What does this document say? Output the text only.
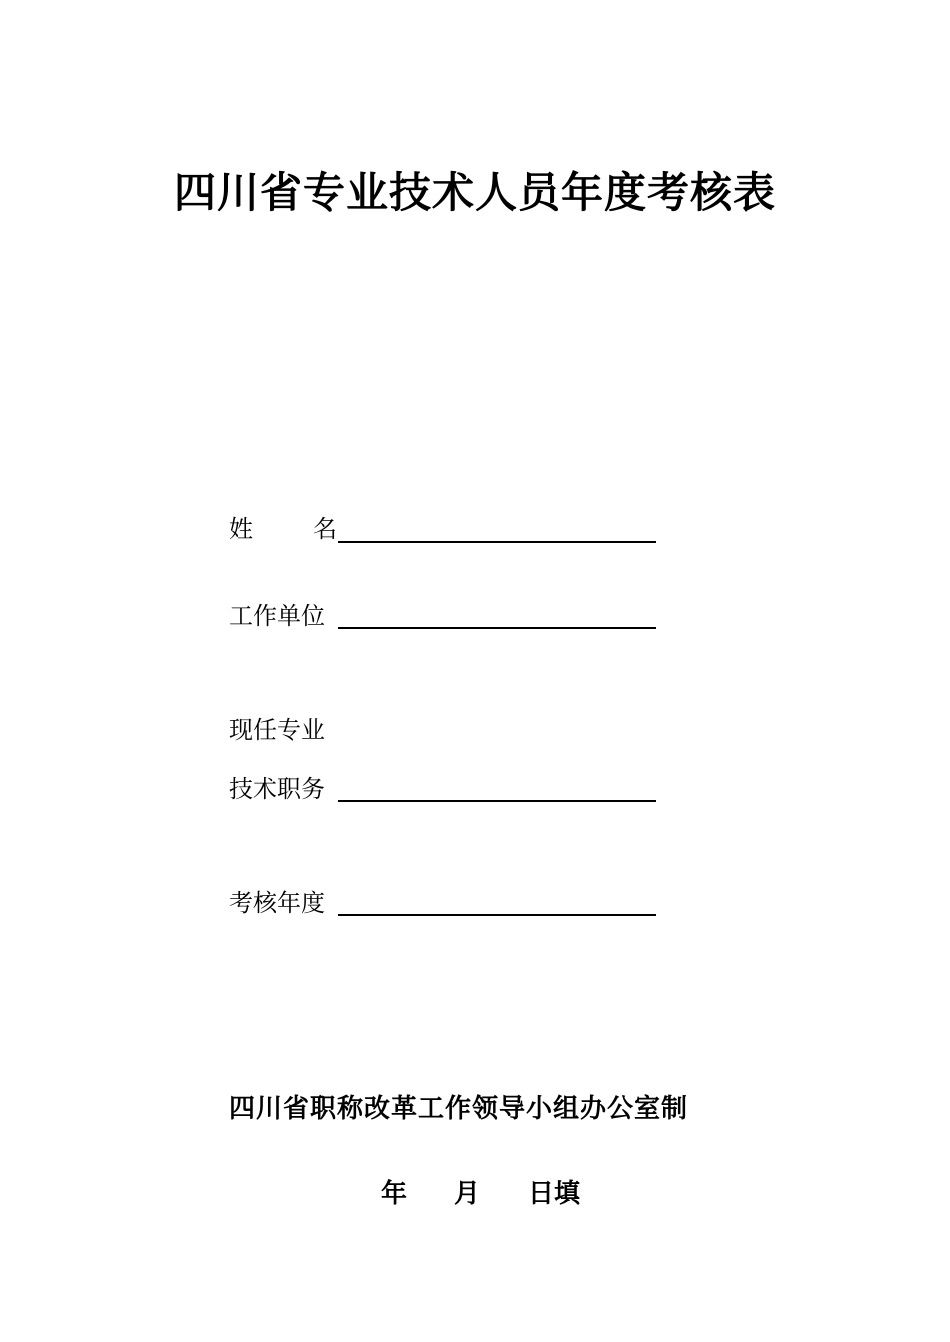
四川省专业技术人员年度考核表
姓	名
工作单位
现任专业
技术职务
考核年度
四川省职称改革工作领导小组办公室制
年 月 日填
